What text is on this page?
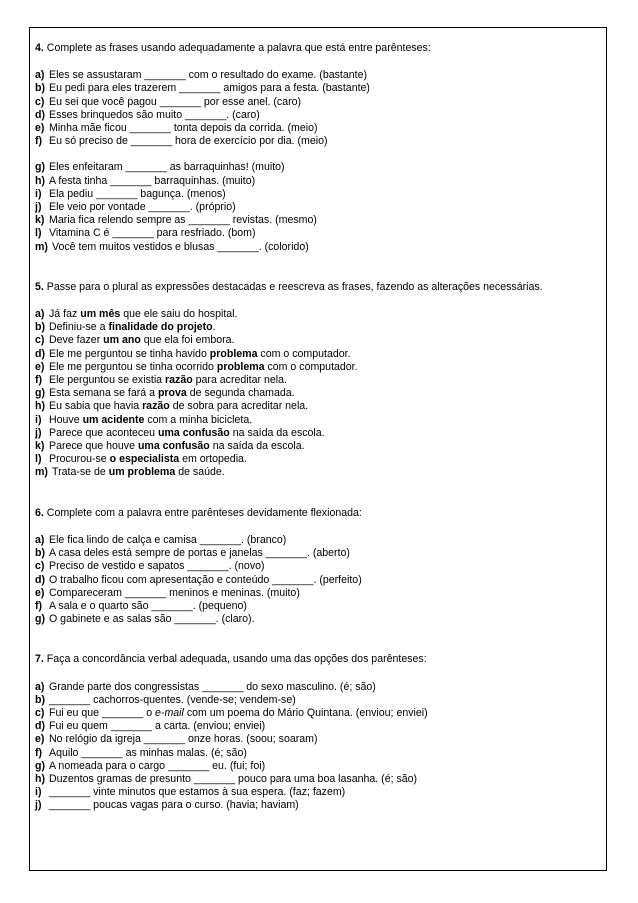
4. Complete as frases usando adequadamente a palavra que está entre parênteses:
a) Eles se assustaram _______ com o resultado do exame. (bastante)
b) Eu pedi para eles trazerem _______ amigos para a festa. (bastante)
c) Eu sei que você pagou _______ por esse anel. (caro)
d) Esses brinquedos são muito _______. (caro)
e) Minha mãe ficou _______ tonta depois da corrida. (meio)
f) Eu só preciso de _______ hora de exercício por dia. (meio)
g) Eles enfeitaram _______ as barraquinhas! (muito)
h) A festa tinha _______ barraquinhas. (muito)
i) Ela pediu _______ bagunça. (menos)
j) Ele veio por vontade _______. (próprio)
k) Maria fica relendo sempre as _______ revistas. (mesmo)
l) Vitamina C é _______ para resfriado. (bom)
m) Você tem muitos vestidos e blusas _______. (colorido)
5. Passe para o plural as expressões destacadas e reescreva as frases, fazendo as alterações necessárias.
a) Já faz um mês que ele saiu do hospital.
b) Definiu-se a finalidade do projeto .
c) Deve fazer um ano que ela foi embora.
d) Ele me perguntou se tinha havido problema com o computador.
e) Ele me perguntou se tinha ocorrido problema com o computador.
f) Ele perguntou se existia razão para acreditar nela.
g) Esta semana se fará a prova de segunda chamada.
h) Eu sabia que havia razão de sobra para acreditar nela.
i) Houve um acidente com a minha bicicleta.
j) Parece que aconteceu uma confusão na saída da escola.
k) Parece que houve uma confusão na saída da escola.
l) Procurou-se o especialista em ortopedia.
m) Trata-se de um problema de saúde.
6. Complete com a palavra entre parênteses devidamente flexionada:
a) Ele fica lindo de calça e camisa _______. (branco)
b) A casa deles está sempre de portas e janelas _______. (aberto)
c) Preciso de vestido e sapatos _______. (novo)
d) O trabalho ficou com apresentação e conteúdo _______. (perfeito)
e) Compareceram _______ meninos e meninas. (muito)
f) A sala e o quarto são _______. (pequeno)
g) O gabinete e as salas são _______. (claro).
7. Faça a concordância verbal adequada, usando uma das opções dos parênteses:
a) Grande parte dos congressistas _______ do sexo masculino. (é; são)
b) _______ cachorros-quentes. (vende-se; vendem-se)
c) Fui eu que _______ o e-mail com um poema do Mário Quintana. (enviou; enviei)
d) Fui eu quem _______ a carta. (enviou; enviei)
e) No relógio da igreja _______ onze horas. (soou; soaram)
f) Aquilo _______ as minhas malas. (é; são)
g) A nomeada para o cargo _______ eu. (fui; foi)
h) Duzentos gramas de presunto _______ pouco para uma boa lasanha. (é; são)
i) _______ vinte minutos que estamos à sua espera. (faz; fazem)
j) _______ poucas vagas para o curso. (havia; haviam)
